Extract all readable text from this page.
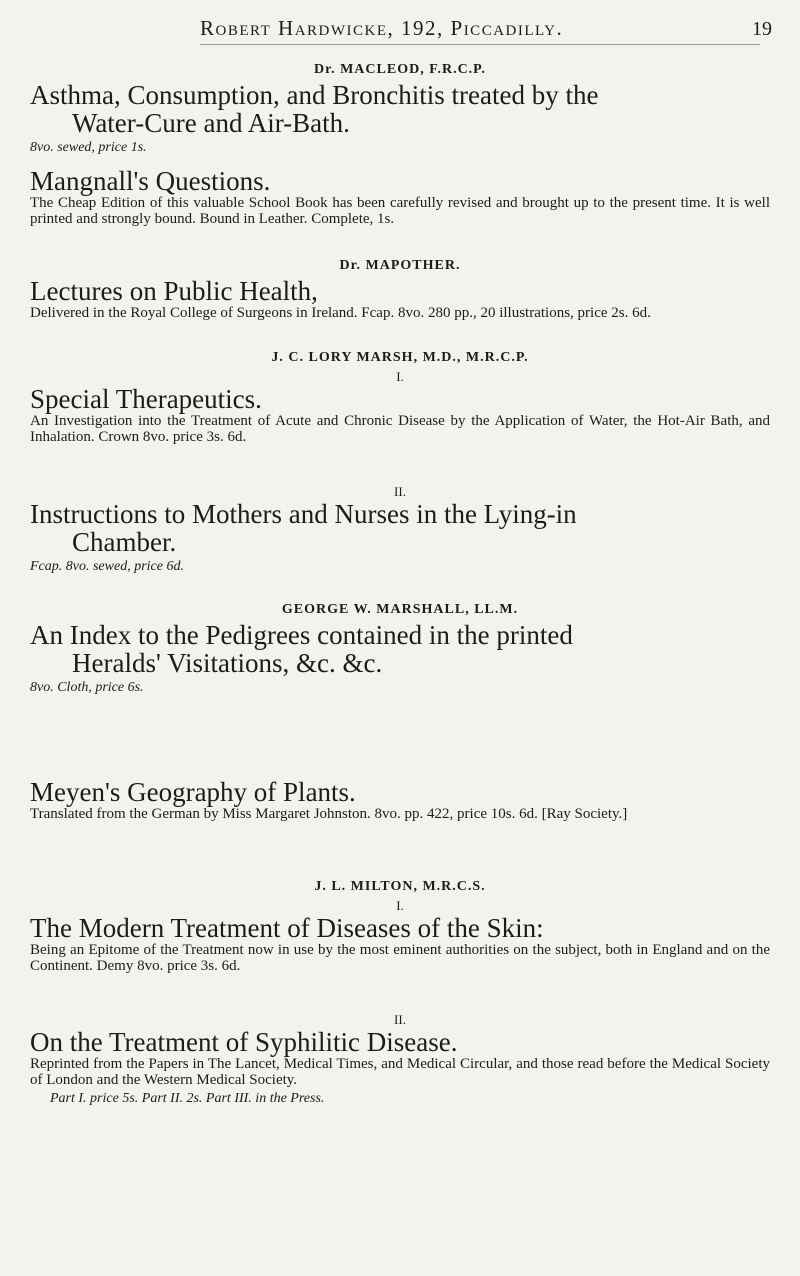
Robert Hardwicke, 192, Piccadilly.	19
Dr. MACLEOD, F.R.C.P.
Asthma, Consumption, and Bronchitis treated by the
Water-Cure and Air-Bath.
8vo. sewed, price 1s.
Mangnall's Questions.
The Cheap Edition of this valuable School Book has been carefully revised and brought up to the present time. It is well printed and strongly bound. Bound in Leather. Complete, 1s.
Dr. MAPOTHER.
Lectures on Public Health,
Delivered in the Royal College of Surgeons in Ireland. Fcap. 8vo. 280 pp., 20 illustrations, price 2s. 6d.
J. C. LORY MARSH, M.D., M.R.C.P.
I.
Special Therapeutics.
An Investigation into the Treatment of Acute and Chronic Disease by the Application of Water, the Hot-Air Bath, and Inhalation. Crown 8vo. price 3s. 6d.
II.
Instructions to Mothers and Nurses in the Lying-in
Chamber.
Fcap. 8vo. sewed, price 6d.
GEORGE W. MARSHALL, LL.M.
An Index to the Pedigrees contained in the printed
Heralds' Visitations, &c. &c.
8vo. Cloth, price 6s.
Meyen's Geography of Plants.
Translated from the German by Miss Margaret Johnston. 8vo. pp. 422, price 10s. 6d. [Ray Society.]
J. L. MILTON, M.R.C.S.
I.
The Modern Treatment of Diseases of the Skin:
Being an Epitome of the Treatment now in use by the most eminent authorities on the subject, both in England and on the Continent. Demy 8vo. price 3s. 6d.
II.
On the Treatment of Syphilitic Disease.
Reprinted from the Papers in The Lancet, Medical Times, and Medical Circular, and those read before the Medical Society of London and the Western Medical Society.
Part I. price 5s. Part II. 2s. Part III. in the Press.
